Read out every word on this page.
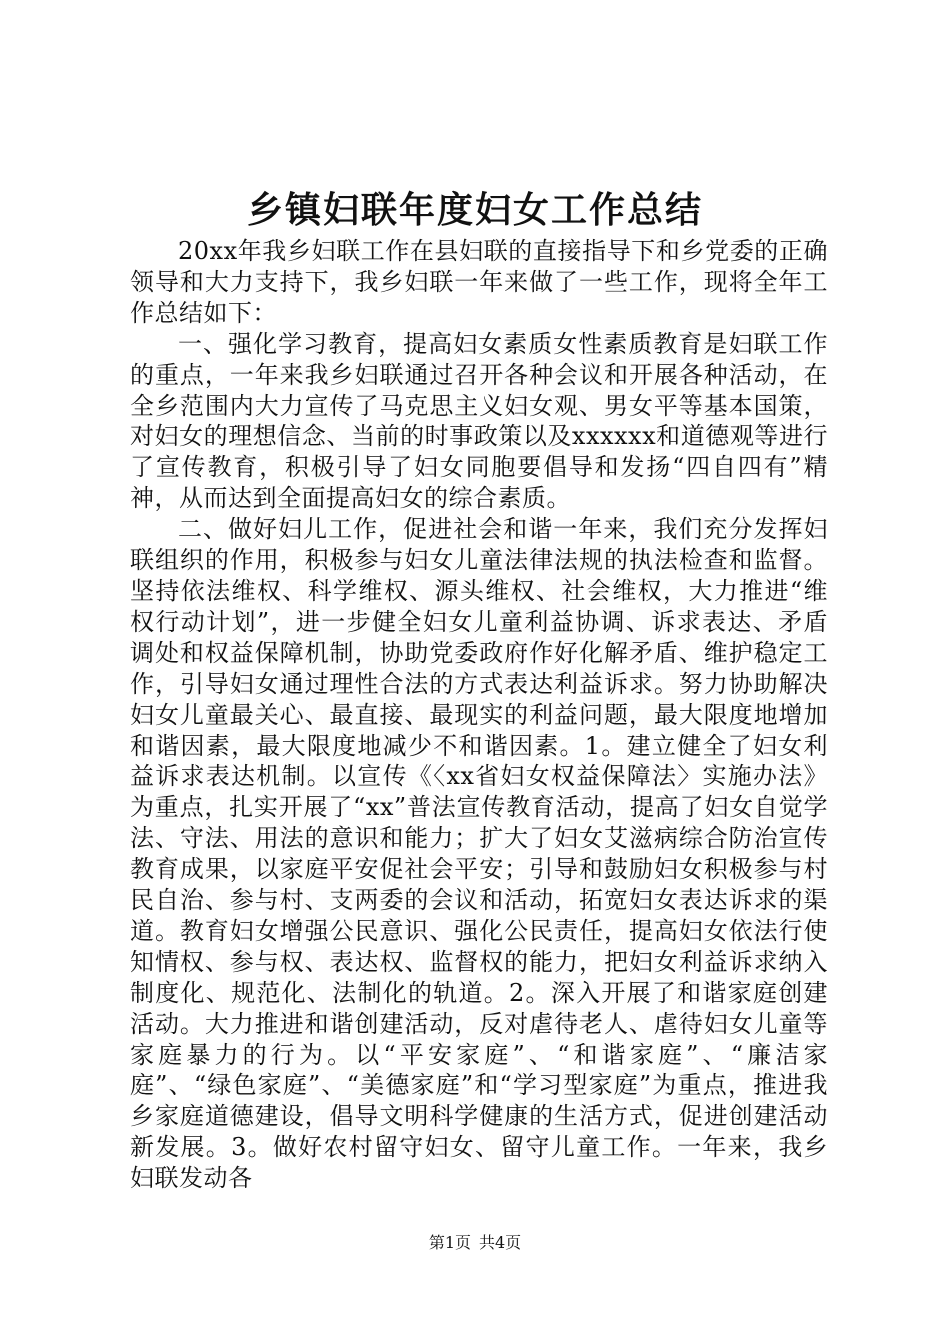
乡镇妇联年度妇女工作总结

20xx年我乡妇联工作在县妇联的直接指导下和乡党委的正确领导和大力支持下，我乡妇联一年来做了一些工作，现将全年工作总结如下：

一、强化学习教育，提高妇女素质女性素质教育是妇联工作的重点，一年来我乡妇联通过召开各种会议和开展各种活动，在全乡范围内大力宣传了马克思主义妇女观、男女平等基本国策，对妇女的理想信念、当前的时事政策以及xxxxxx和道德观等进行了宣传教育，积极引导了妇女同胞要倡导和发扬“四自四有”精神，从而达到全面提高妇女的综合素质。

二、做好妇儿工作，促进社会和谐一年来，我们充分发挥妇联组织的作用，积极参与妇女儿童法律法规的执法检查和监督。坚持依法维权、科学维权、源头维权、社会维权，大力推进“维权行动计划”，进一步健全妇女儿童利益协调、诉求表达、矛盾调处和权益保障机制，协助党委政府作好化解矛盾、维护稳定工作，引导妇女通过理性合法的方式表达利益诉求。努力协助解决妇女儿童最关心、最直接、最现实的利益问题，最大限度地增加和谐因素，最大限度地减少不和谐因素。1。建立健全了妇女利益诉求表达机制。以宣传《〈xx省妇女权益保障法〉实施办法》为重点，扎实开展了“xx”普法宣传教育活动，提高了妇女自觉学法、守法、用法的意识和能力；扩大了妇女艾滋病综合防治宣传教育成果，以家庭平安促社会平安；引导和鼓励妇女积极参与村民自治、参与村、支两委的会议和活动，拓宽妇女表达诉求的渠道。教育妇女增强公民意识、强化公民责任，提高妇女依法行使知情权、参与权、表达权、监督权的能力，把妇女利益诉求纳入制度化、规范化、法制化的轨道。2。深入开展了和谐家庭创建活动。大力推进和谐创建活动，反对虐待老人、虐待妇女儿童等家庭暴力的行为。以“平安家庭”、“和谐家庭”、“廉洁家庭”、“绿色家庭”、“美德家庭”和“学习型家庭”为重点，推进我乡家庭道德建设，倡导文明科学健康的生活方式，促进创建活动新发展。3。做好农村留守妇女、留守儿童工作。一年来，我乡妇联发动各

第1页 共4页
